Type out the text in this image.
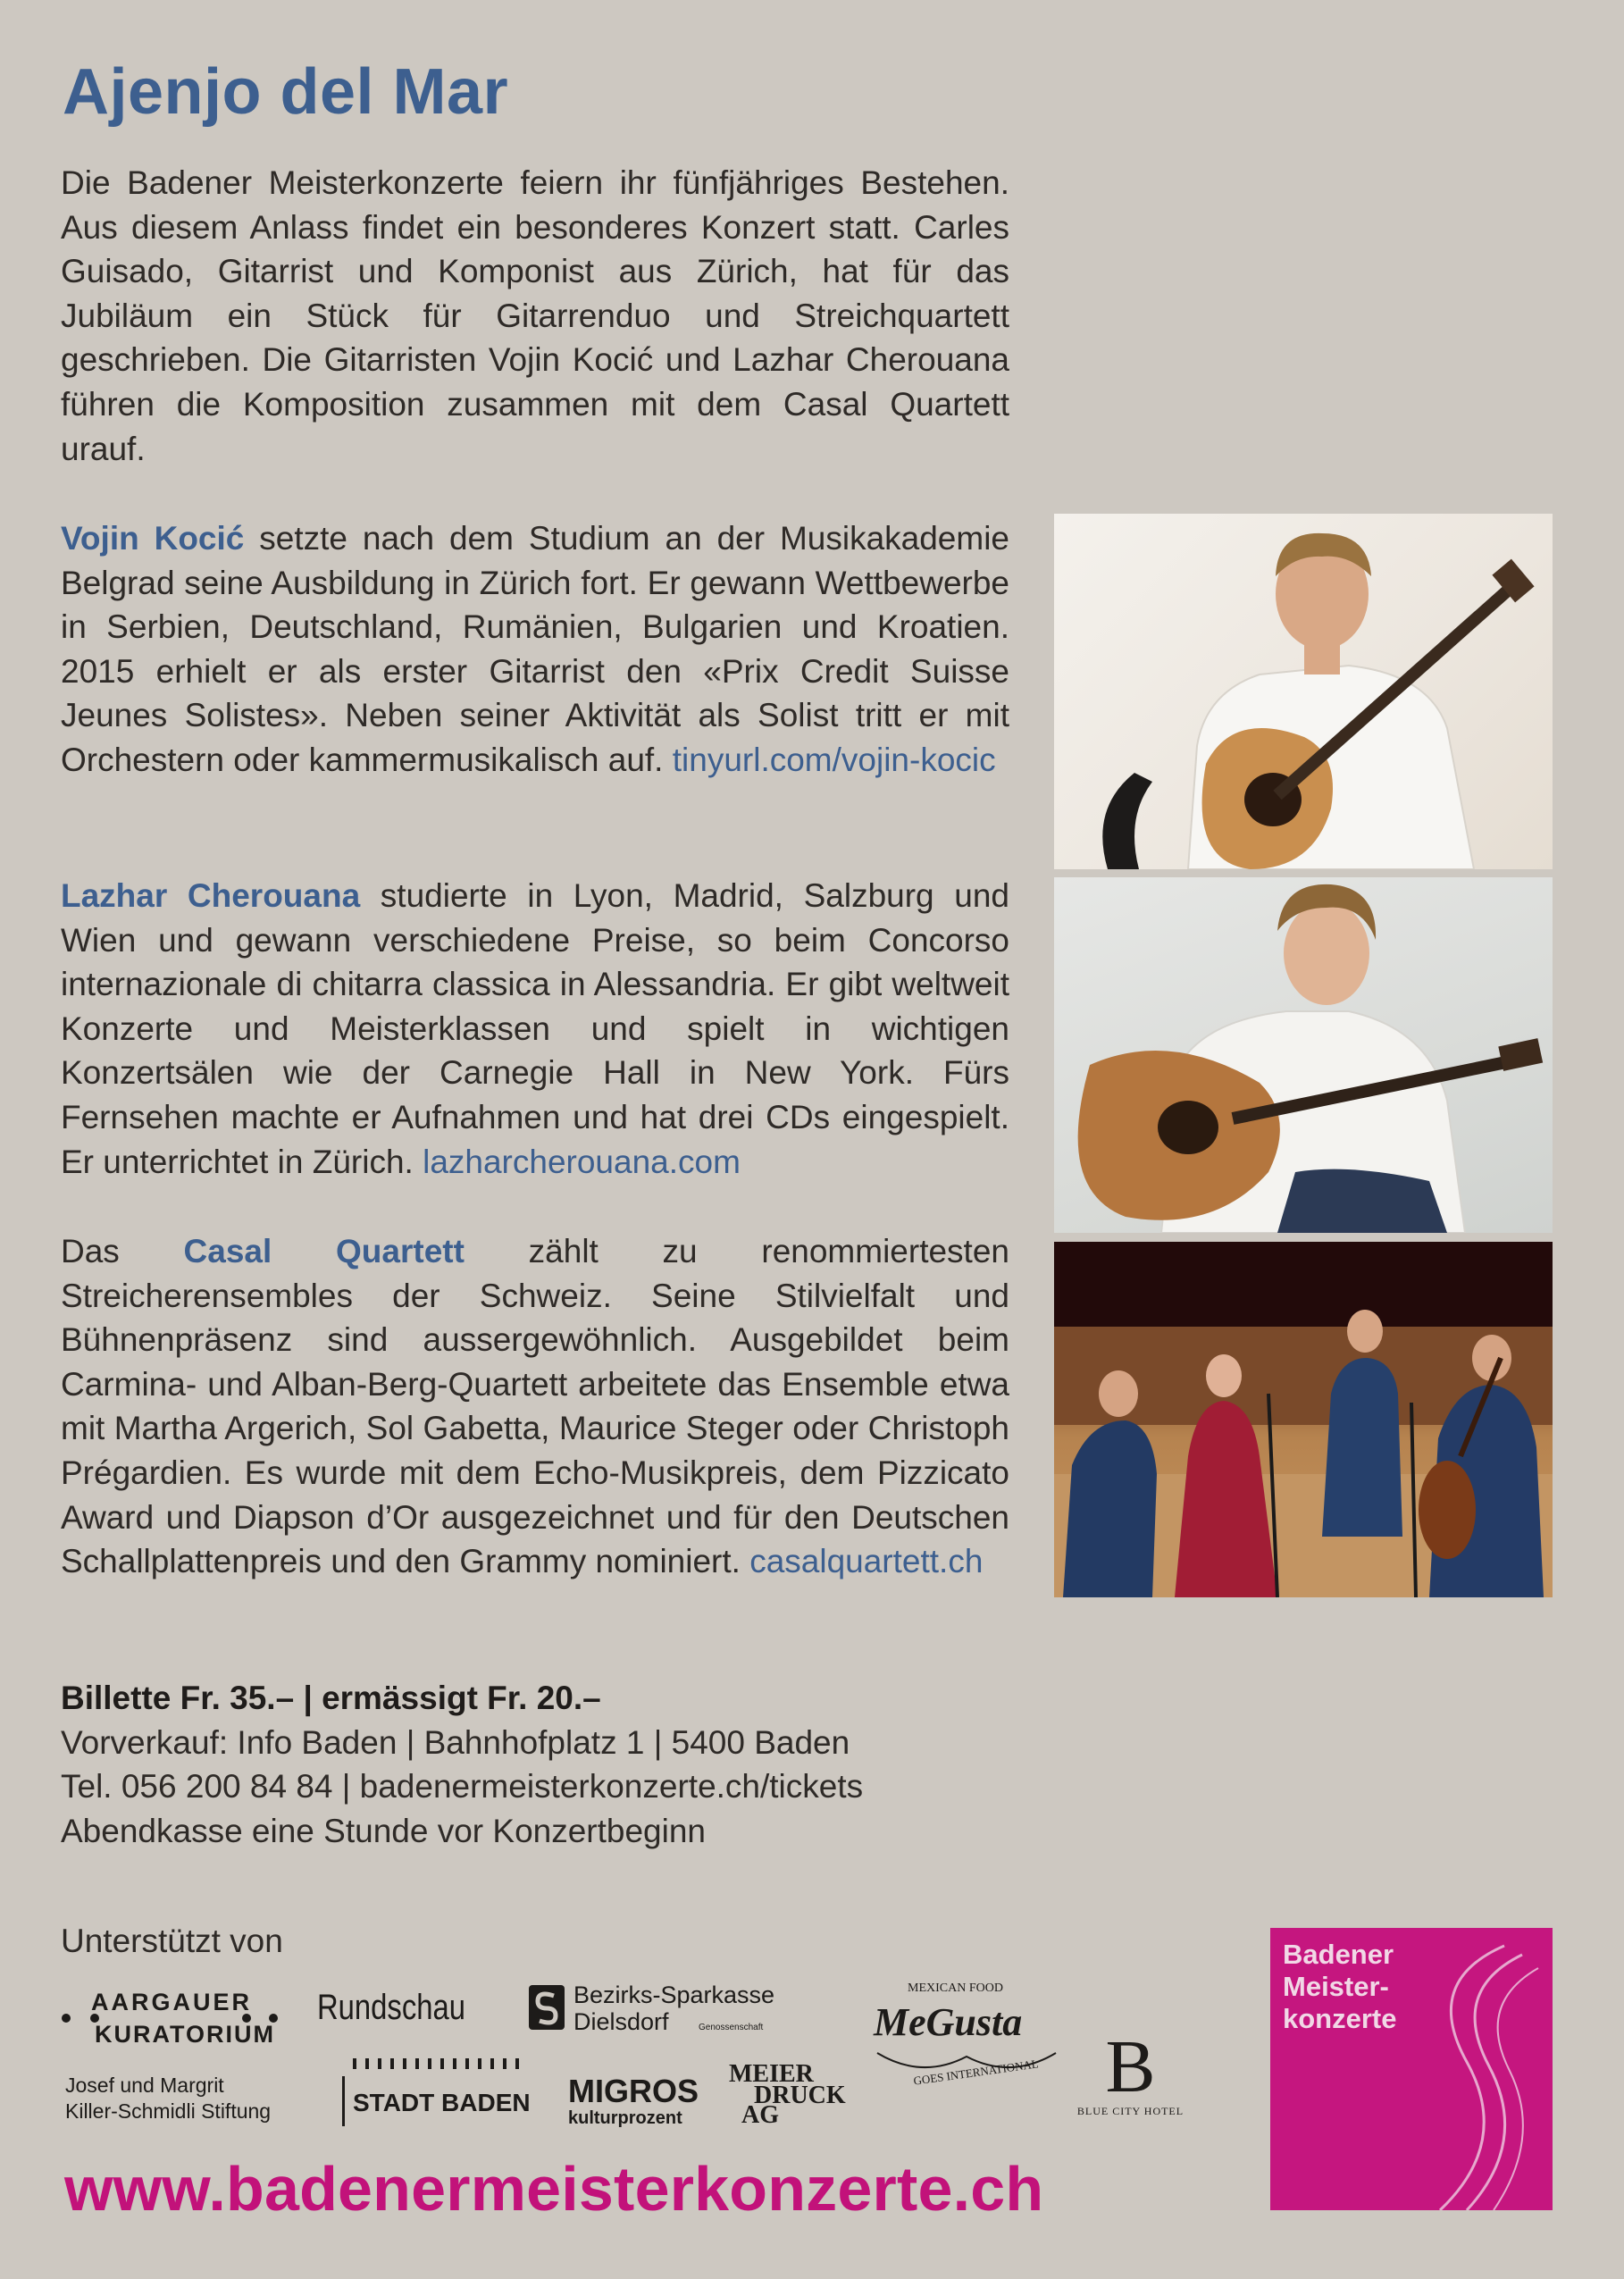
Ajenjo del Mar
Die Badener Meisterkonzerte feiern ihr fünfjähriges Bestehen. Aus diesem Anlass findet ein besonderes Konzert statt. Carles Guisado, Gitarrist und Komponist aus Zürich, hat für das Jubiläum ein Stück für Gitarrenduo und Streichquartett geschrieben. Die Gitarristen Vojin Kocić und Lazhar Cherouana führen die Komposition zusammen mit dem Casal Quartett urauf.
Vojin Kocić setzte nach dem Studium an der Musikakademie Belgrad seine Ausbildung in Zürich fort. Er gewann Wettbewerbe in Serbien, Deutschland, Rumänien, Bulgarien und Kroatien. 2015 erhielt er als erster Gitarrist den «Prix Credit Suisse Jeunes Solistes». Neben seiner Aktivität als Solist tritt er mit Orchestern oder kammermusikalisch auf. tinyurl.com/vojin-kocic
Lazhar Cherouana studierte in Lyon, Madrid, Salzburg und Wien und gewann verschiedene Preise, so beim Concorso internazionale di chitarra classica in Alessandria. Er gibt weltweit Konzerte und Meisterklassen und spielt in wichtigen Konzertsälen wie der Carnegie Hall in New York. Fürs Fernsehen machte er Aufnahmen und hat drei CDs eingespielt. Er unterrichtet in Zürich. lazharcherouana.com
Das Casal Quartett zählt zu renommiertesten Streicherensembles der Schweiz. Seine Stilvielfalt und Bühnenpräsenz sind aussergewöhnlich. Ausgebildet beim Carmina- und Alban-Berg-Quartett arbeitete das Ensemble etwa mit Martha Argerich, Sol Gabetta, Maurice Steger oder Christoph Prégardien. Es wurde mit dem Echo-Musikpreis, dem Pizzicato Award und Diapson d’Or ausgezeichnet und für den Deutschen Schallplattenpreis und den Grammy nominiert. casalquartett.ch
Billette Fr. 35.– | ermässigt Fr. 20.–
Vorverkauf: Info Baden | Bahnhofplatz 1 | 5400 Baden
Tel. 056 200 84 84 | badenermeisterkonzerte.ch/tickets
Abendkasse eine Stunde vor Konzertbeginn
Unterstützt von
AARGAUER
KURATORIUM
Josef und Margrit
Killer-Schmidli Stiftung
Rundschau	Bezirks-Sparkasse
Dielsdorf	Genossenschaft
MEXICAN FOOD
MeGusta
GOES INTERNATIONAL
STADT BADEN MIGROS
kulturprozent
MEIER
DRUCK
AG
B
BLUE CITY HOTEL
www.badenermeisterkonzerte.ch
Badener
Meister-
konzerte
